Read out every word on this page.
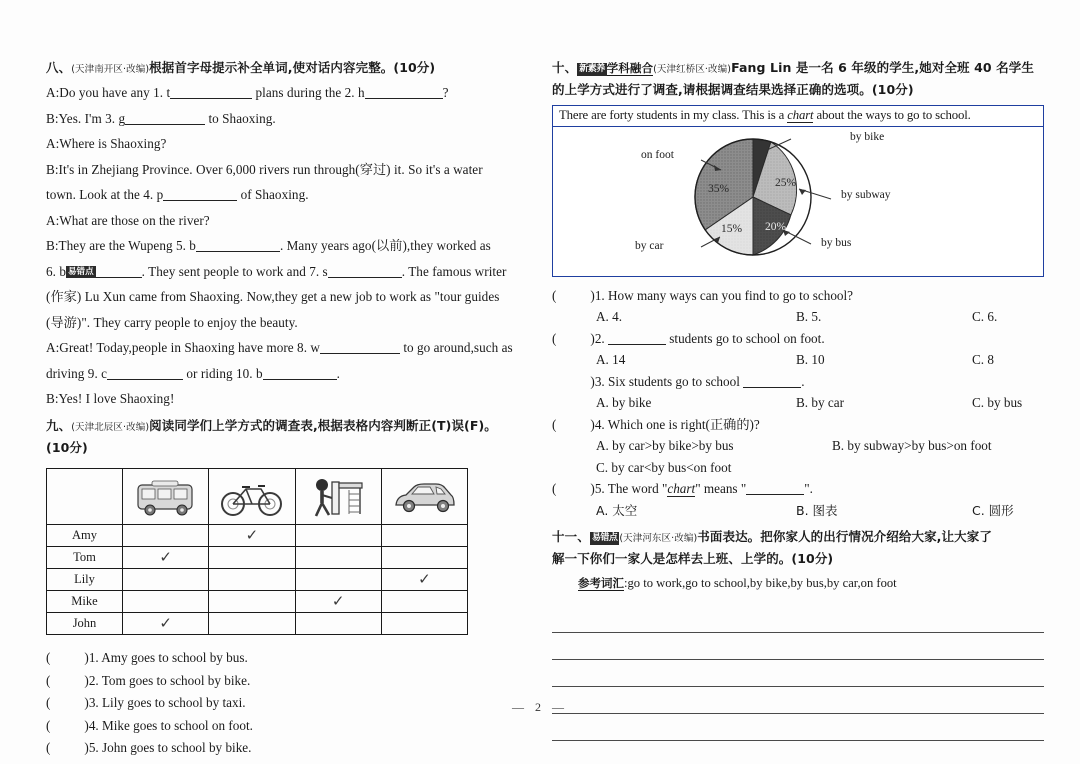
八、(天津南开区·改编)根据首字母提示补全单词,使对话内容完整。(10分)
A:Do you have any 1. t	plans during the 2. h	?
B:Yes. I'm 3. g	to Shaoxing.
A:Where is Shaoxing?
B:It's in Zhejiang Province. Over 6,000 rivers run through(穿过) it. So it's a water
town. Look at the 4. p	of Shaoxing.
A:What are those on the river?
B:They are the Wupeng 5. b	. Many years ago(以前),they worked as
6. b 易错点	. They sent people to work and 7. s	. The famous writer
(作家) Lu Xun came from Shaoxing. Now,they get a new job to work as "tour guides
(导游)". They carry people to enjoy the beauty.
A:Great! Today,people in Shaoxing have more 8. w	to go around,such as
driving 9. c	or riding 10. b	.
B:Yes! I love Shaoxing!
九、(天津北辰区·改编)阅读同学们上学方式的调查表,根据表格内容判断正(T)误(F)。
(10分)

Amy		✓		
Tom	✓			
Lily				✓
Mike			✓	
John	✓			
(	)1. Amy goes to school by bus.
(	)2. Tom goes to school by bike.
(	)3. Lily goes to school by taxi.
(	)4. Mike goes to school on foot.
(	)5. John goes to school by bike.
十、 新素养 学科融合(天津红桥区·改编)Fang Lin 是一名 6 年级的学生,她对全班 40 名学生
的上学方式进行了调查,请根据调查结果选择正确的选项。(10分)
There are forty students in my class. This is a chart about the ways to go to school.
by bike
by subway
by bus
by car
on foot
35%	25%
20%
15%
(	)1. How many ways can you find to go to school?
A. 4.	B. 5.	C. 6.
(	)2.	students go to school on foot.
A. 14	B. 10	C. 8
)3. Six students go to school	.
A. by bike	B. by car	C. by bus
(	)4. Which one is right(正确的)?
A. by car>by bike>by bus	B. by subway>by bus>on foot
C. by car<by bus<on foot
(	)5. The word "chart" means "	".
A. 太空	B. 图表	C. 圆形
十一、 易错点 (天津河东区·改编)书面表达。把你家人的出行情况介绍给大家,让大家了
解一下你们一家人是怎样去上班、上学的。(10分)
参考词汇:go to work,go to school,by bike,by bus,by car,on foot
— 2 —
